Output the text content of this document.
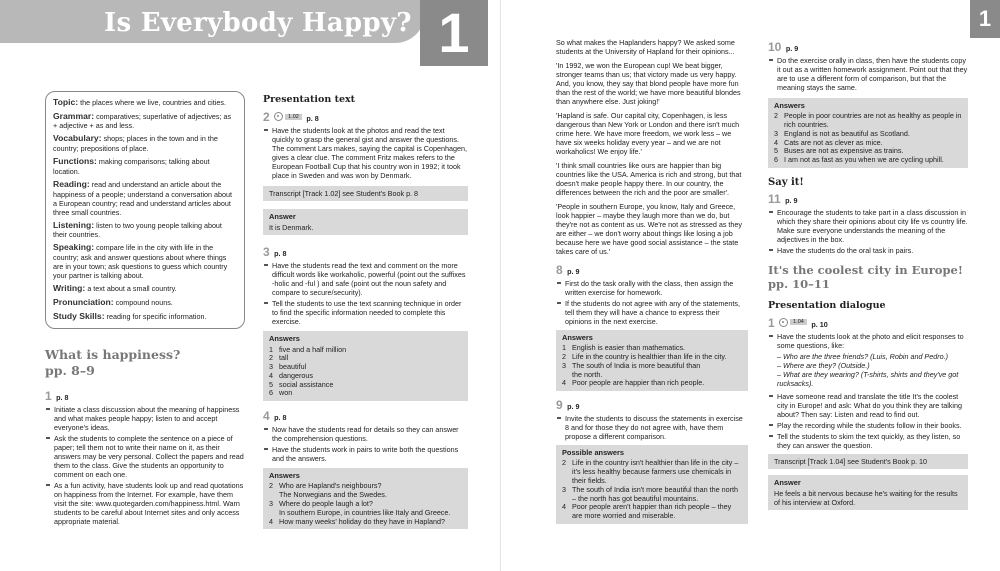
Is Everybody Happy? 1	1

Topic: the places where we live, countries and cities.

Grammar: comparatives; superlative of adjectives; as + adjective + as and less.

Vocabulary: shops; places in the town and in the country; prepositions of place.

Functions: making comparisons; talking about location.

Reading: read and understand an article about the happiness of a people; understand a conversation about a European country; read and understand articles about three small countries.

Listening: listen to two young people talking about their countries.

Speaking: compare life in the city with life in the country; ask and answer questions about where things are in your town; ask questions to guess which country your partner is talking about.

Writing: a text about a small country.

Pronunciation: compound nouns.

Study Skills: reading for specific information.

What is happiness?
pp. 8–9
1 p. 8
Initiate a class discussion about the meaning of happiness and what makes people happy; listen to and accept everyone's ideas.
Ask the students to complete the sentence on a piece of paper; tell them not to write their name on it, as their answers may be very personal. Collect the papers and read them to the class. Give the students an opportunity to comment on each one.
As a fun activity, have students look up and read quotations on happiness from the Internet. For example, have them visit the site: www.quotegarden.com/happiness.html. Warn students to be careful about Internet sites and only access appropriate material.
Presentation text
2	1.02 p. 8
Have the students look at the photos and read the text quickly to grasp the general gist and answer the questions. The comment Lars makes, saying the capital is Copenhagen, gives a clear clue. The comment Fritz makes refers to the European Football Cup that his country won in 1992; it took place in Sweden and was won by Denmark.
Transcript [Track 1.02] see Student's Book p. 8
Answer
It is Denmark.
3 p. 8
Have the students read the text and comment on the more difficult words like workaholic, powerful (point out the suffixes -holic and -ful ) and safe (point out the noun safety and compare to secure/security).
Tell the students to use the text scanning technique in order to find the specific information needed to complete this exercise.
Answers
1 five and a half million
2 tall
3 beautiful
4 dangerous
5 social assistance
6 won
4 p. 8
Now have the students read for details so they can answer the comprehension questions.
Have the students work in pairs to write both the questions and the answers.
Answers
2 Who are Hapland's neighbours?
The Norwegians and the Swedes.
3 Where do people laugh a lot?
In southern Europe, in countries like Italy and Greece.
4 How many weeks' holiday do they have in Hapland?
So what makes the Haplanders happy? We asked some students at the University of Hapland for their opinions...
'In 1992, we won the European cup! We beat bigger, stronger teams than us; that victory made us very happy. And, you know, they say that blond people have more fun than the rest of the world; we have more beautiful blondes than anywhere else. Just joking!'
'Hapland is safe. Our capital city, Copenhagen, is less dangerous than New York or London and there isn't much crime here. We have more freedom, we work less – we have six weeks holiday every year – and we are not workaholics! We enjoy life.'
'I think small countries like ours are happier than big countries like the USA. America is rich and strong, but that doesn't make people happy there. In our country, the differences between the rich and the poor are smaller'.
'People in southern Europe, you know, Italy and Greece, look happier – maybe they laugh more than we do, but they're not as content as us. We're not as stressed as they are either – we don't worry about things like losing a job because here we have good social assistance – the state takes care of us.'
8 p. 9
First do the task orally with the class, then assign the written exercise for homework.
If the students do not agree with any of the statements, tell them they will have a chance to express their opinions in the next exercise.
Answers
1 English is easier than mathematics.
2 Life in the country is healthier than life in the city.
3 The south of India is more beautiful than
the north.
4 Poor people are happier than rich people.
9 p. 9
Invite the students to discuss the statements in exercise 8 and for those they do not agree with, have them propose a different comparison.
Possible answers
2 Life in the country isn't healthier than life in the city – it's less healthy because farmers use chemicals in their fields.
3 The south of India isn't more beautiful than the north – the north has got beautiful mountains.
4 Poor people aren't happier than rich people – they are more worried and miserable.
10 p. 9
Do the exercise orally in class, then have the students copy it out as a written homework assignment. Point out that they are to use a different form of comparison, but that the meaning stays the same.
Answers
2 People in poor countries are not as healthy as people in rich countries.
3 England is not as beautiful as Scotland.
4 Cats are not as clever as mice.
5 Buses are not as expensive as trains.
6 I am not as fast as you when we are cycling uphill.
Say it!
11 p. 9
Encourage the students to take part in a class discussion in which they share their opinions about city life vs country life. Make sure everyone understands the meaning of the adjectives in the box.
Have the students do the oral task in pairs.
It's the coolest city in Europe! pp. 10–11
Presentation dialogue
1	1.04 p. 10
Have the students look at the photo and elicit responses to some questions, like:
– Who are the three friends? (Luis, Robin and Pedro.)
– Where are they? (Outside.)
– What are they wearing? (T-shirts, shirts and they've got rucksacks).
Have someone read and translate the title It's the coolest city in Europe! and ask: What do you think they are talking about? Then say: Listen and read to find out.
Play the recording while the students follow in their books.
Tell the students to skim the text quickly, as they listen, so they can answer the question.
Transcript [Track 1.04] see Student's Book p. 10
Answer
He feels a bit nervous because he's waiting for the results of his interview at Oxford.
